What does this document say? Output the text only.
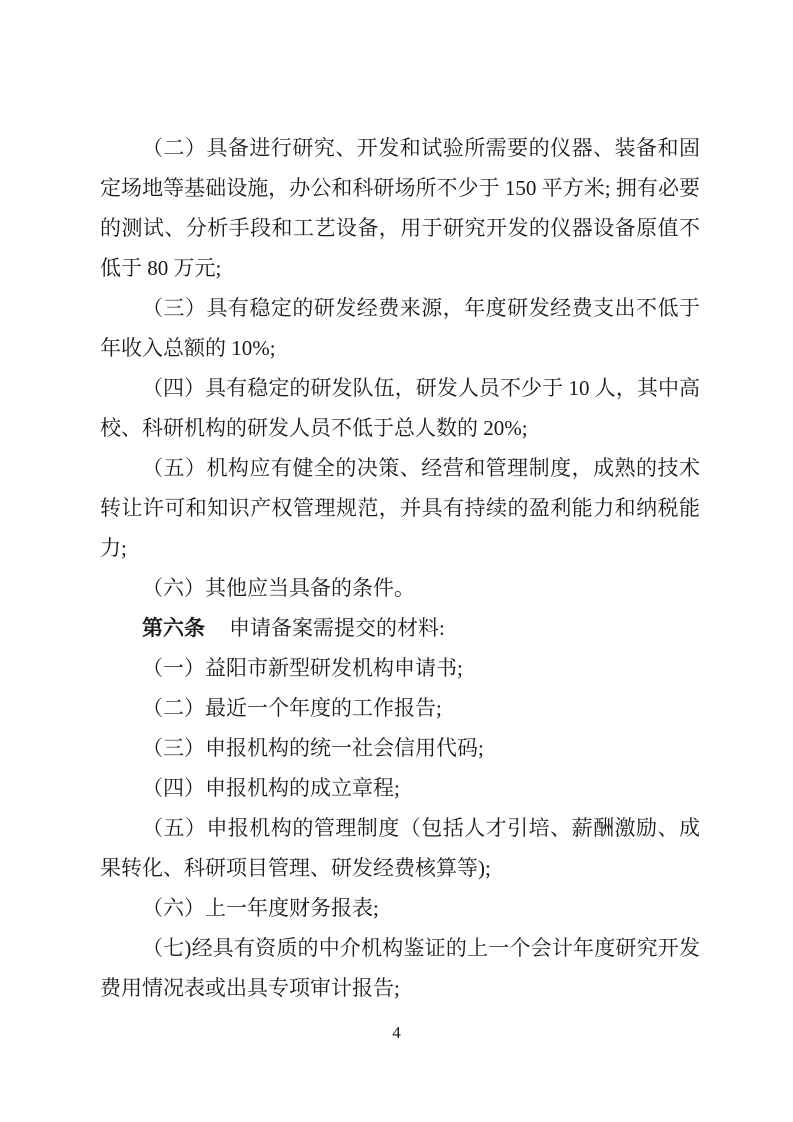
（二）具备进行研究、开发和试验所需要的仪器、装备和固定场地等基础设施，办公和科研场所不少于 150 平方米; 拥有必要的测试、分析手段和工艺设备，用于研究开发的仪器设备原值不低于 80 万元;

（三）具有稳定的研发经费来源，年度研发经费支出不低于年收入总额的 10%;

（四）具有稳定的研发队伍，研发人员不少于 10 人，其中高校、科研机构的研发人员不低于总人数的 20%;

（五）机构应有健全的决策、经营和管理制度，成熟的技术转让许可和知识产权管理规范，并具有持续的盈利能力和纳税能力;

（六）其他应当具备的条件。

第六条 申请备案需提交的材料:

（一）益阳市新型研发机构申请书;

（二）最近一个年度的工作报告;

（三）申报机构的统一社会信用代码;

（四）申报机构的成立章程;

（五）申报机构的管理制度（包括人才引培、薪酬激励、成果转化、科研项目管理、研发经费核算等);

（六）上一年度财务报表;

（七)经具有资质的中介机构鉴证的上一个会计年度研究开发费用情况表或出具专项审计报告;

4
